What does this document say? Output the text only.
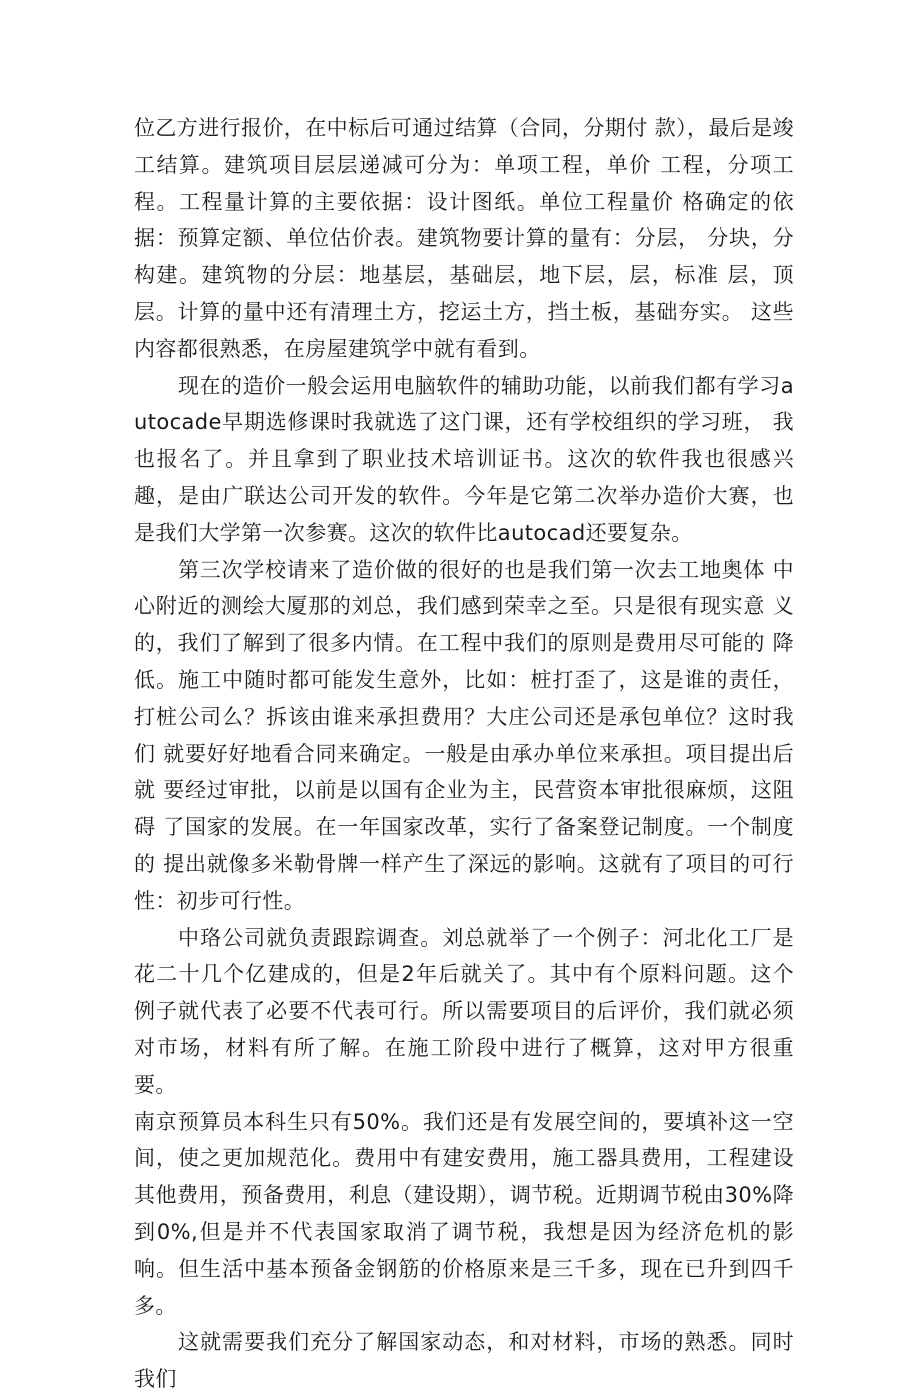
位乙方进行报价，在中标后可通过结算（合同，分期付 款），最后是竣工结算。建筑项目层层递减可分为：单项工程，单价 工程，分项工程。工程量计算的主要依据：设计图纸。单位工程量价 格确定的依据：预算定额、单位估价表。建筑物要计算的量有：分层， 分块，分构建。建筑物的分层：地基层，基础层，地下层，层，标准 层，顶层。计算的量中还有清理土方，挖运土方，挡土板，基础夯实。 这些内容都很熟悉，在房屋建筑学中就有看到。

现在的造价一般会运用电脑软件的辅助功能，以前我们都有学习autocade早期选修课时我就选了这门课，还有学校组织的学习班， 我也报名了。并且拿到了职业技术培训证书。这次的软件我也很感兴 趣，是由广联达公司开发的软件。今年是它第二次举办造价大赛，也 是我们大学第一次参赛。这次的软件比autocad还要复杂。

第三次学校请来了造价做的很好的也是我们第一次去工地奥体 中心附近的测绘大厦那的刘总，我们感到荣幸之至。只是很有现实意 义的，我们了解到了很多内情。在工程中我们的原则是费用尽可能的 降低。施工中随时都可能发生意外，比如：桩打歪了，这是谁的责任， 打桩公司么？拆该由谁来承担费用？大庄公司还是承包单位？这时我们 就要好好地看合同来确定。一般是由承办单位来承担。项目提出后就 要经过审批，以前是以国有企业为主，民营资本审批很麻烦，这阻碍 了国家的发展。在一年国家改革，实行了备案登记制度。一个制度的 提出就像多米勒骨牌一样产生了深远的影响。这就有了项目的可行性：初步可行性。

中珞公司就负责跟踪调查。刘总就举了一个例子：河北化工厂是 花二十几个亿建成的，但是2年后就关了。其中有个原料问题。这个 例子就代表了必要不代表可行。所以需要项目的后评价，我们就必须 对市场，材料有所了解。在施工阶段中进行了概算，这对甲方很重要。

南京预算员本科生只有50%。我们还是有发展空间的，要填补这一空 间，使之更加规范化。费用中有建安费用，施工器具费用，工程建设 其他费用，预备费用，利息（建设期），调节税。近期调节税由30%降 到0%,但是并不代表国家取消了调节税，我想是因为经济危机的影 响。但生活中基本预备金钢筋的价格原来是三千多，现在已升到四千 多。

这就需要我们充分了解国家动态，和对材料，市场的熟悉。同时 我们
